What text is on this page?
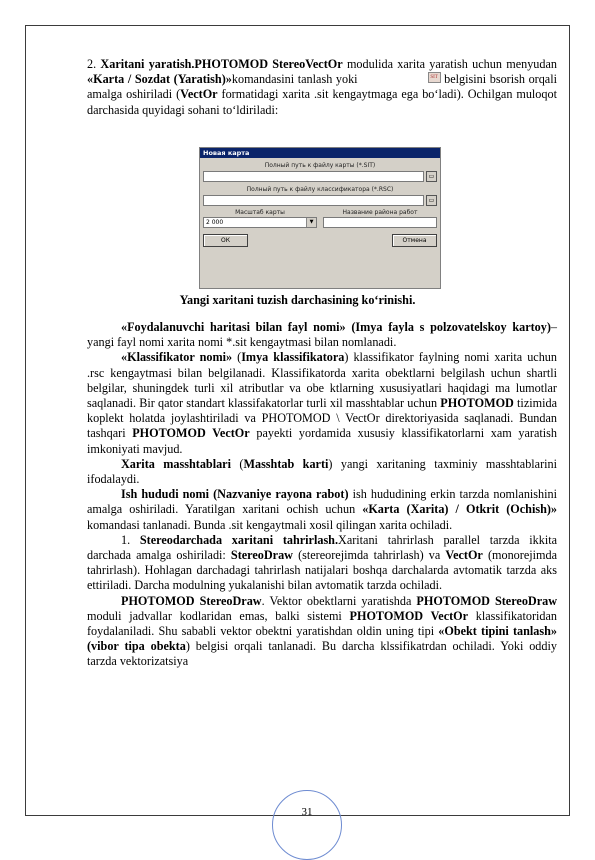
2. Xaritani yaratish.PHOTOMOD StereoVectOr modulida xarita yaratish uchun menyudan «Karta / Sozdat (Yaratish)»komandasini tanlash yoki	SIT belgisini bsorish orqali amalga oshiriladi (VectOr formatidagi xarita .sit kengaytmaga ega bo‘ladi). Ochilgan muloqot darchasida quyidagi sohani to‘ldiriladi:

Новая карта
Полный путь к файлу карты (*.SIT)
▭
Полный путь к файлу классификатора (*.RSC)
▭
Масштаб карты
2 000	▼
Название района работ
ОК	Отмена
Yangi xaritani tuzish darchasining ko‘rinishi.

«Foydalanuvchi haritasi bilan fayl nomi» (Imya fayla s polzovatelskoy kartoy)– yangi fayl nomi xarita nomi *.sit kengaytmasi bilan nomlanadi.

«Klassifikator nomi» (Imya klassifikatora) klassifikator faylning nomi xarita uchun .rsc kengaytmasi bilan belgilanadi. Klassifikatorda xarita obektlarni belgilash uchun shartli belgilar, shuningdek turli xil atributlar va obe ktlarning xususiyatlari haqidagi ma lumotlar saqlanadi. Bir qator standart klassifakatorlar turli xil masshtablar uchun PHOTOMOD tizimida koplekt holatda joylashtiriladi va PHOTOMOD \ VectOr direktoriyasida saqlanadi. Bundan tashqari PHOTOMOD VectOr payekti yordamida xususiy klassifikatorlarni xam yaratish imkoniyati mavjud.

Xarita masshtablari (Masshtab karti) yangi xaritaning taxminiy masshtablarini ifodalaydi.

Ish hududi nomi (Nazvaniye rayona rabot) ish hududining erkin tarzda nomlanishini amalga oshiriladi. Yaratilgan xaritani ochish uchun «Karta (Xarita) / Otkrit (Ochish)» komandasi tanlanadi. Bunda .sit kengaytmali xosil qilingan xarita ochiladi.

1. Stereodarchada xaritani tahrirlash.Xaritani tahrirlash parallel tarzda ikkita darchada amalga oshiriladi: StereoDraw (stereorejimda tahrirlash) va VectOr (monorejimda tahrirlash). Hohlagan darchadagi tahrirlash natijalari boshqa darchalarda avtomatik tarzda aks ettiriladi. Darcha modulning yukalanishi bilan avtomatik tarzda ochiladi.

PHOTOMOD StereoDraw. Vektor obektlarni yaratishda PHOTOMOD StereoDraw moduli jadvallar kodlaridan emas, balki sistemi PHOTOMOD VectOr klassifikatoridan foydalaniladi. Shu sababli vektor obektni yaratishdan oldin uning tipi «Obekt tipini tanlash» (vibor tipa obekta) belgisi orqali tanlanadi. Bu darcha klssifikatrdan ochiladi. Yoki oddiy tarzda vektorizatsiya

31
